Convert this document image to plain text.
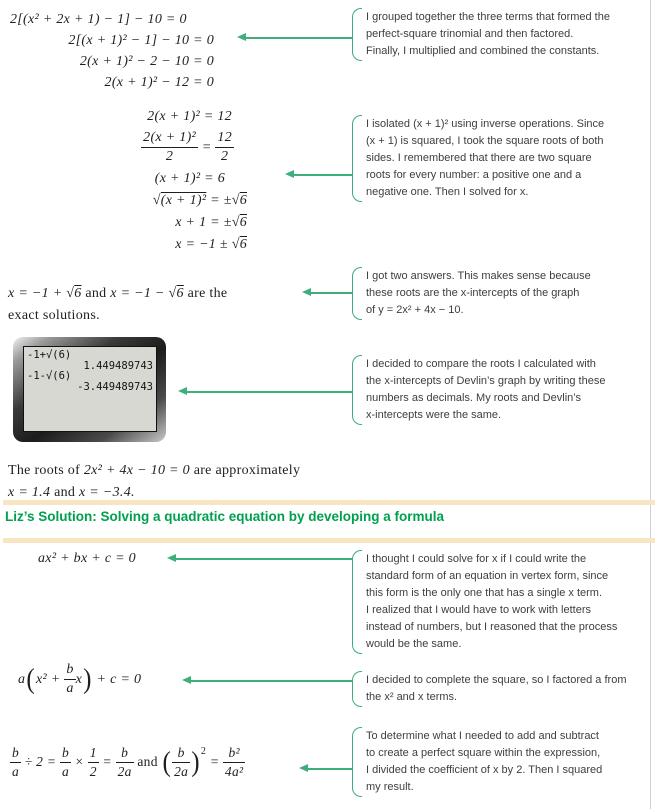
2[(x² + 2x + 1) − 1] − 10 = 0
2[(x + 1)² − 1] − 10 = 0
2(x + 1)² − 2 − 10 = 0
2(x + 1)² − 12 = 0
2(x + 1)² = 12
$\frac{\text{2(x + 1)²}}{2} = \frac{12}{2}$
(x + 1)² = 6
√(x + 1)² = ±√6
x + 1 = ±√6
x = −1 ± √6
x = −1 + √6 and x = −1 − √6 are the
exact solutions.
-1+√(6)
1.449489743
-1-√(6)
-3.449489743
The roots of 2x² + 4x − 10 = 0 are approximately
x = 1.4 and x = −3.4.
Liz’s Solution: Solving a quadratic equation by developing a formula
ax² + bx + c = 0
a ( $x^2 + \frac{b}{a}$ x ) + c = 0
$\frac{b}{a} \div 2 = \frac{b}{a} \times \frac{1}{2} = \frac{b}{2a}$ and ( $\frac{b}{2a}$ ) 2
= $\frac{\text{b²}}{\text{4a²}}$
I grouped together the three terms that formed the
perfect-square trinomial and then factored.
Finally, I multiplied and combined the constants.
I isolated (x + 1)² using inverse operations. Since
(x + 1) is squared, I took the square roots of both
sides. I remembered that there are two square
roots for every number: a positive one and a
negative one. Then I solved for x.
I got two answers. This makes sense because
these roots are the x-intercepts of the graph
of y = 2x² + 4x − 10.
I decided to compare the roots I calculated with
the x-intercepts of Devlin’s graph by writing these
numbers as decimals. My roots and Devlin’s
x-intercepts were the same.
I thought I could solve for x if I could write the
standard form of an equation in vertex form, since
this form is the only one that has a single x term.
I realized that I would have to work with letters
instead of numbers, but I reasoned that the process
would be the same.
I decided to complete the square, so I factored a from
the x² and x terms.
To determine what I needed to add and subtract
to create a perfect square within the expression,
I divided the coefficient of x by 2. Then I squared
my result.
